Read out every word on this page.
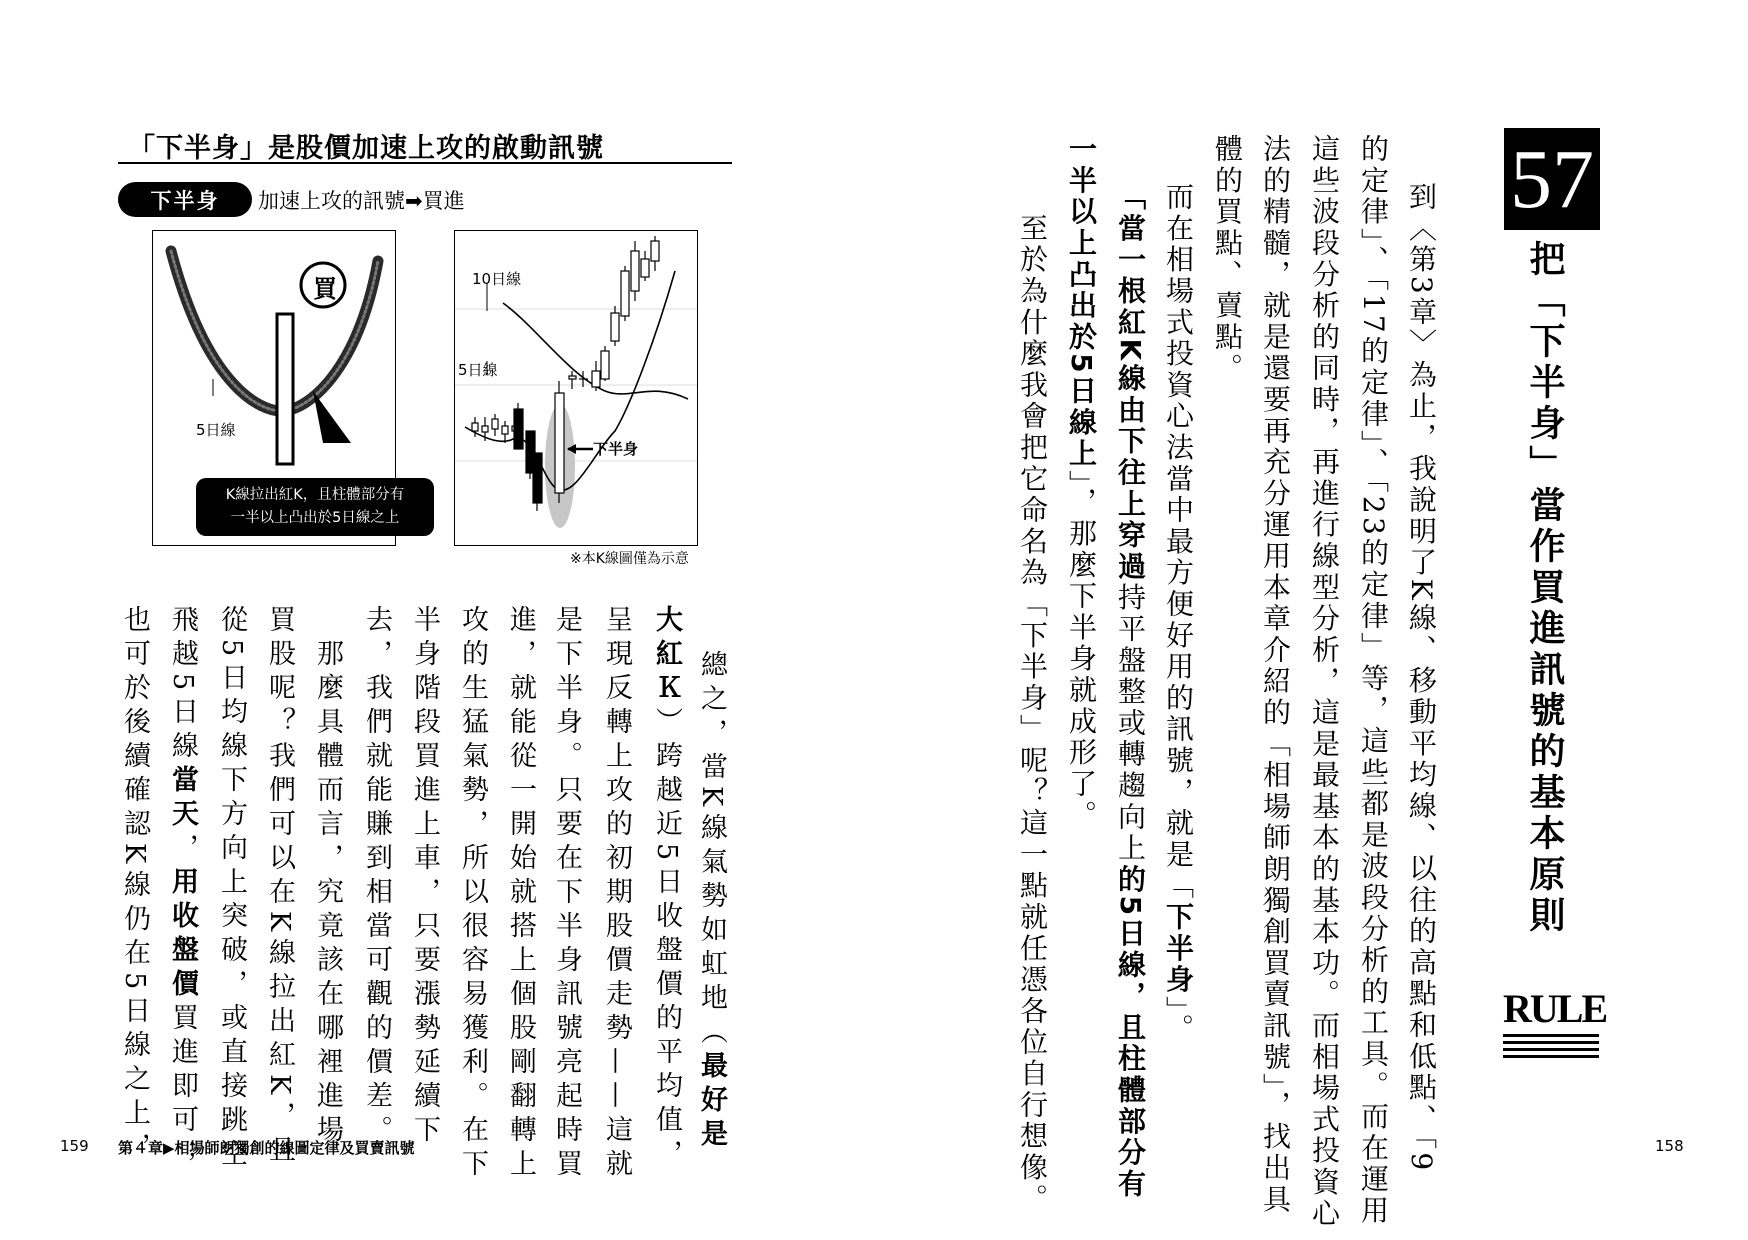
「下半身」是股價加速上攻的啟動訊號
下半身	加速上攻的訊號➡買進
買
5日線
K線拉出紅K，且柱體部分有
一半以上凸出於5日線之上
10日線
5日線
下半身
※本K線圖僅為示意
總之，當K線氣勢如虹地（最好是
大紅Ｋ）跨越近5日收盤價的平均值，
呈現反轉上攻的初期股價走勢——這就
是下半身。只要在下半身訊號亮起時買
進，就能從一開始就搭上個股剛翻轉上
攻的生猛氣勢，所以很容易獲利。在下
半身階段買進上車，只要漲勢延續下
去，我們就能賺到相當可觀的價差。
　那麼具體而言，究竟該在哪裡進場
買股呢？我們可以在K線拉出紅K，且
從5日均線下方向上突破，或直接跳空
飛越5日線當天，用收盤價買進即可；
也可於後續確認K線仍在5日線之上，
159 第４章▶相場師朗獨創的線圖定律及買賣訊號
57
把「下半身」當作買進訊號的基本原則
RULE
到〈第3章〉為止，我說明了K線、移動平均線、以往的高點和低點、「9
的定律」、「17的定律」、「23的定律」等，這些都是波段分析的工具。而在運用
這些波段分析的同時，再進行線型分析，這是最基本的基本功。而相場式投資心
法的精髓，就是還要再充分運用本章介紹的「相場師朗獨創買賣訊號」，找出具
體的買點、賣點。
而在相場式投資心法當中最方便好用的訊號，就是「下半身」。
「當一根紅K線由下往上穿過持平盤整或轉趨向上的5日線，且柱體部分有
一半以上凸出於5日線上」，那麼下半身就成形了。
　至於為什麼我會把它命名為「下半身」呢？這一點就任憑各位自行想像。	158
